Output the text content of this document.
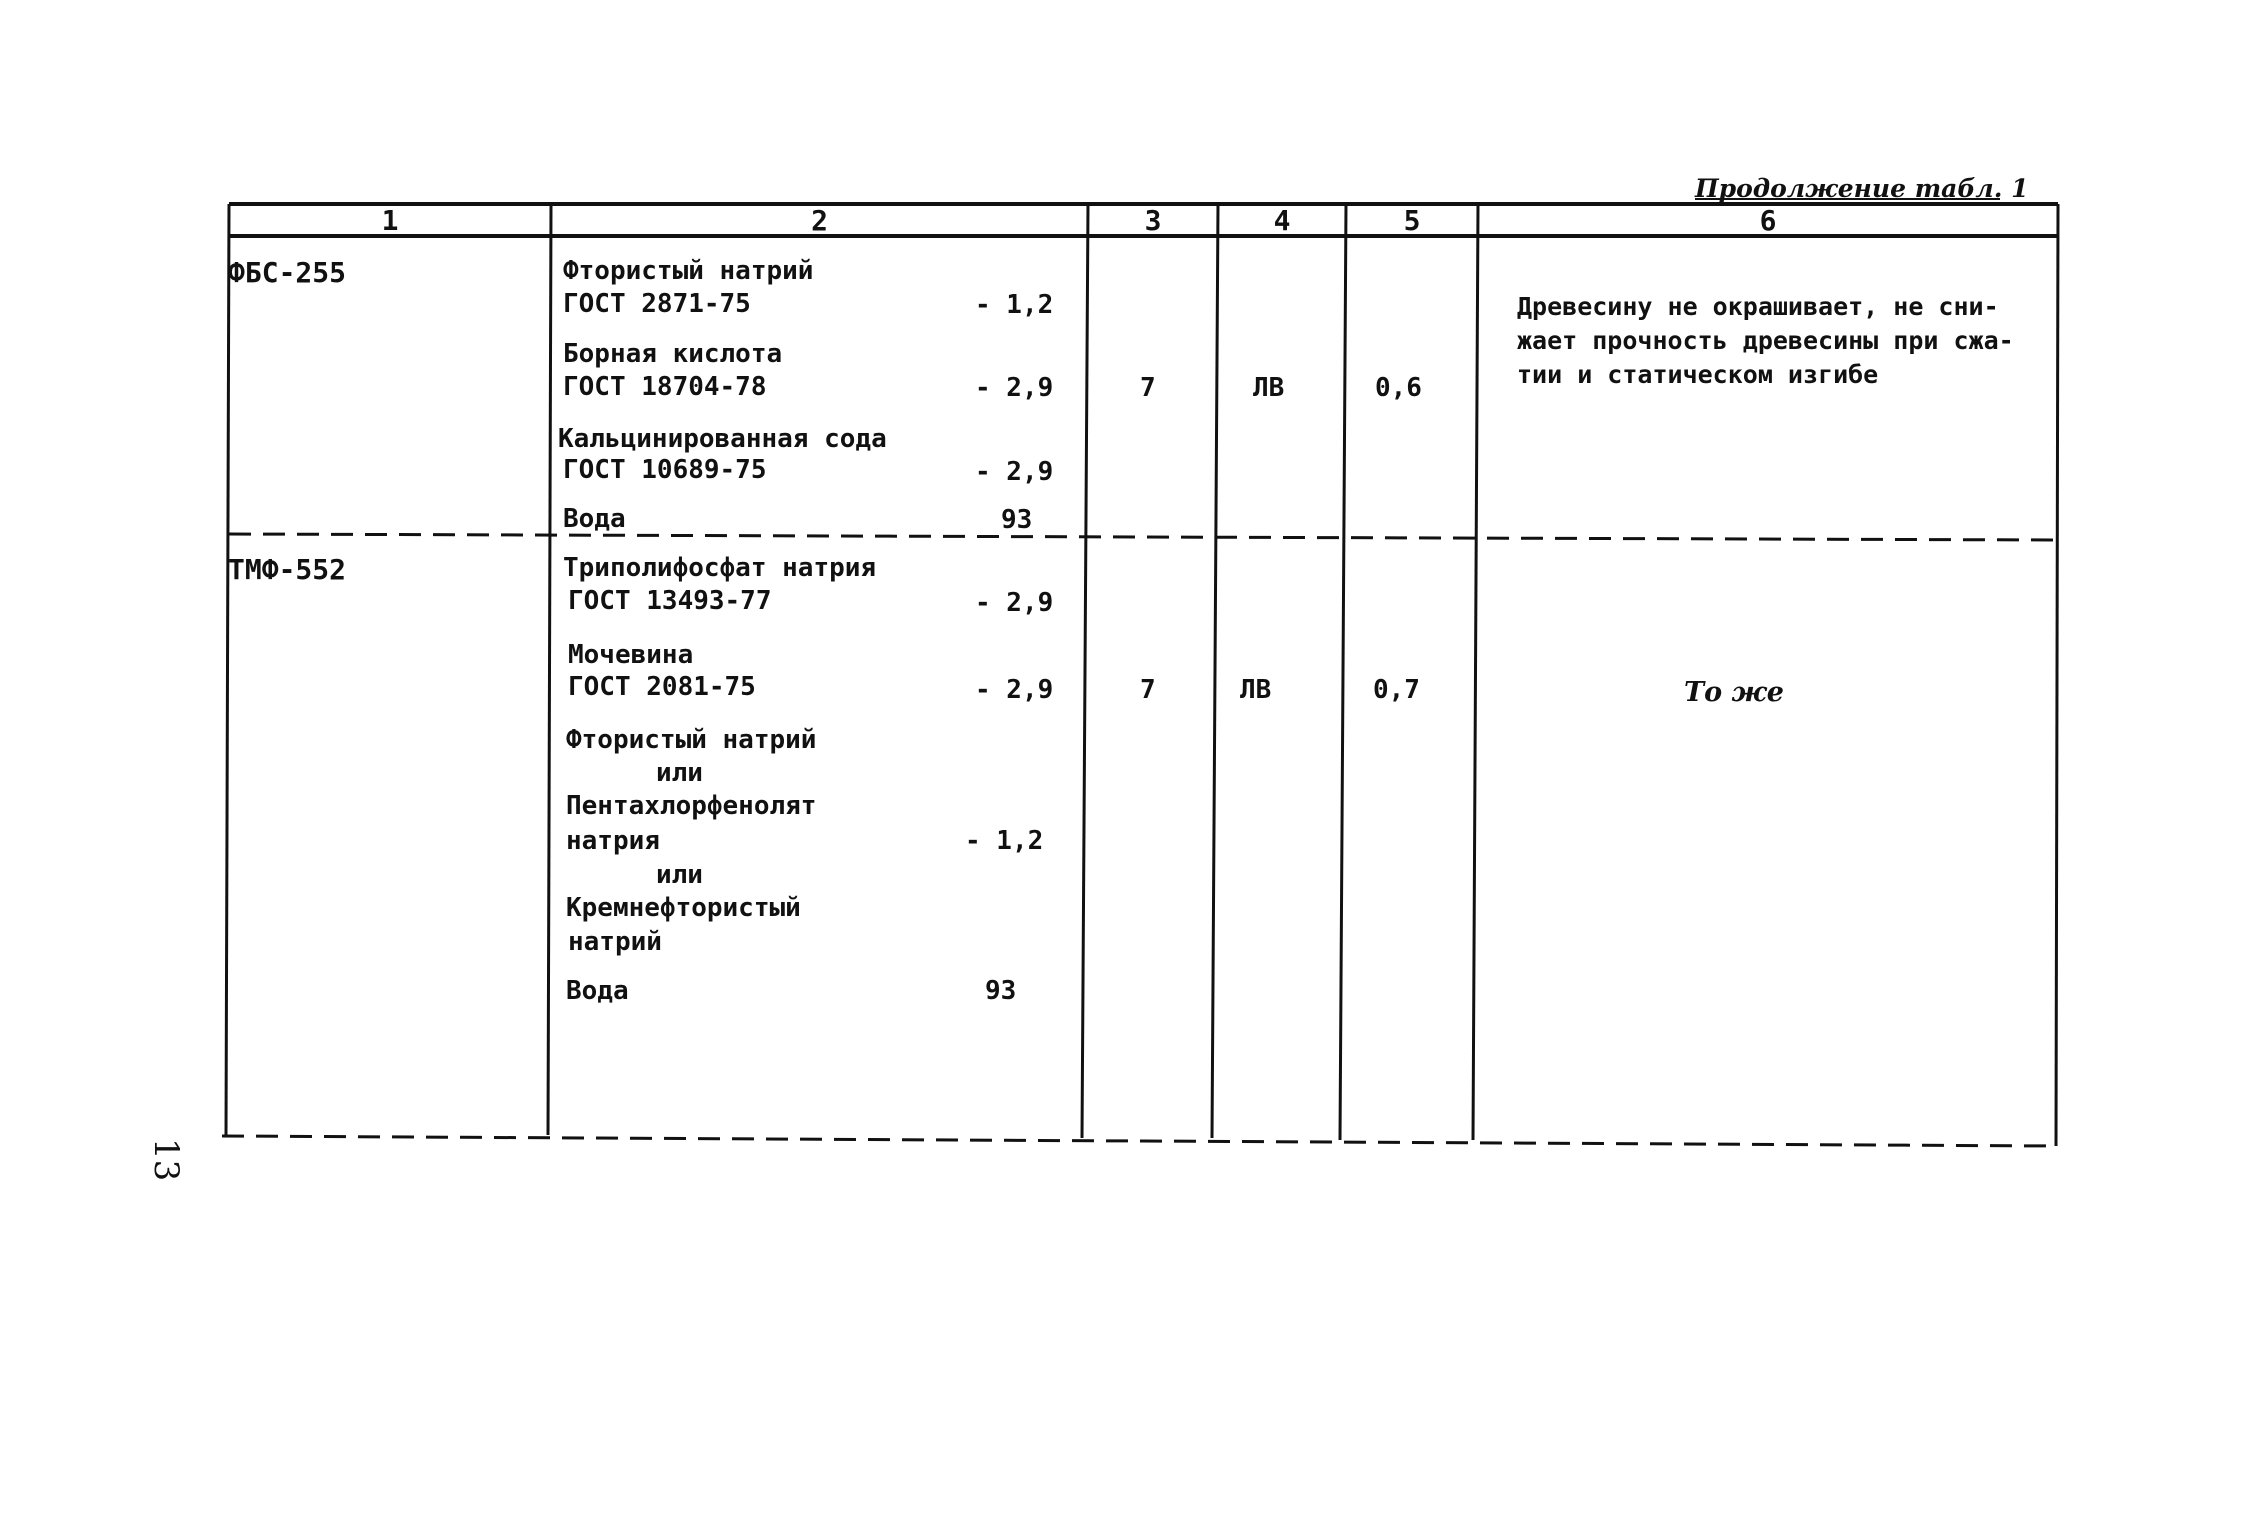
Продолжение табл. 1
1	2	3	4	5	6
ФБС-255	Фтористый натрий
ГОСТ 2871-75	- 1,2
Борная кислота
ГОСТ 18704-78	- 2,9
Кальцинированная сода
ГОСТ 10689-75	- 2,9
Вода	93
7	ЛВ	0,6
Древесину не окрашивает, не сни-
жает прочность древесины при сжа-
тии и статическом изгибе
ТМФ-552	Триполифосфат натрия
ГОСТ 13493-77	- 2,9
Мочевина
ГОСТ 2081-75	- 2,9
Фтористый натрий
или
Пентахлорфенолят
натрия	- 1,2
или
Кремнефтористый
натрий
Вода	93
7	ЛВ	0,7	То же
13
